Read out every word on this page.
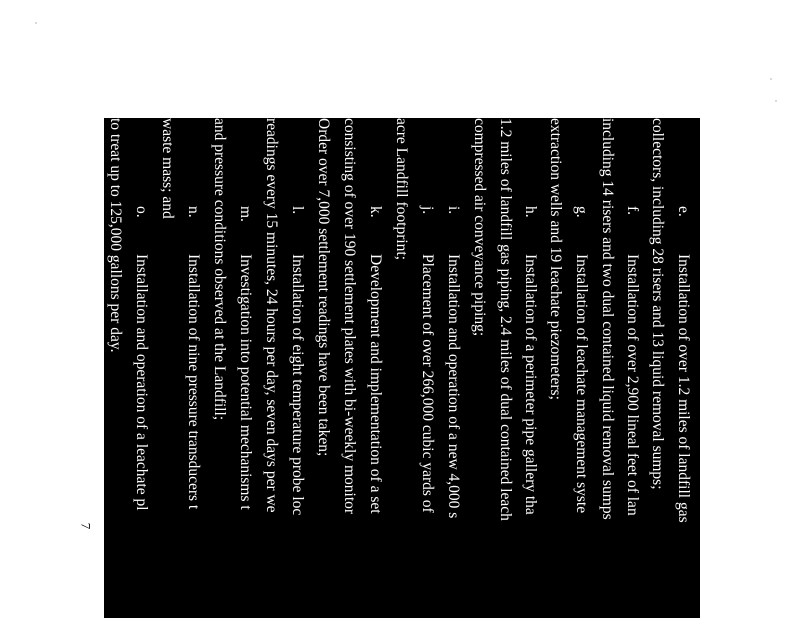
e.Installation of over 1.2 miles of landfill gas
collectors, including 28 risers and 13 liquid removal sumps;
f.Installation of over 2,900 lineal feet of lan
including 14 risers and two dual contained liquid removal sumps
g.Installation of leachate management syste
extraction wells and 19 leachate piezometers;
h.Installation of a perimeter pipe gallery tha
1.2 miles of landfill gas piping, 2.4 miles of dual contained leach
compressed air conveyance piping;
i.Installation and operation of a new 4,000 s
j.Placement of over 266,000 cubic yards of
acre Landfill footprint;
k.Development and implementation of a set
consisting of over 190 settlement plates with bi-weekly monitor
Order over 7,000 settlement readings have been taken;
l.Installation of eight temperature probe loc
readings every 15 minutes, 24 hours per day, seven days per we
m.Investigation into potential mechanisms t
and pressure conditions observed at the Landfill;
n.Installation of nine pressure transducers t
waste mass; and
o.Installation and operation of a leachate pl
to treat up to 125,000 gallons per day.
7
